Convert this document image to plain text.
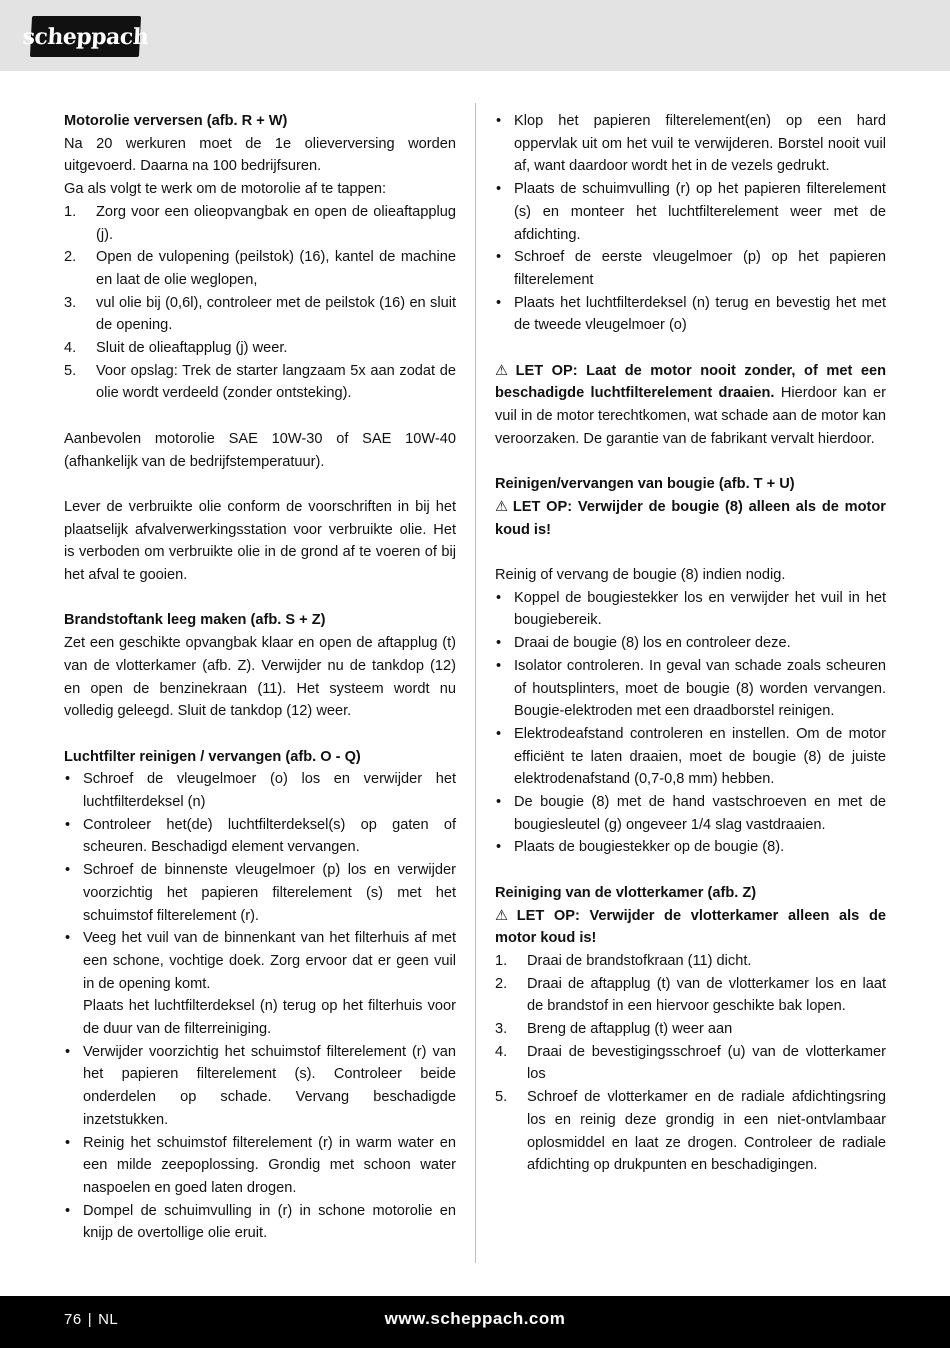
scheppach

Motorolie verversen (afb. R + W)

Na 20 werkuren moet de 1e olieverversing worden uitgevoerd. Daarna na 100 bedrijfsuren.

Ga als volgt te werk om de motorolie af te tappen:

1. Zorg voor een olieopvangbak en open de olieaftapplug (j).
2. Open de vulopening (peilstok) (16), kantel de machine en laat de olie weglopen,
3. vul olie bij (0,6l), controleer met de peilstok (16) en sluit de opening.
4. Sluit de olieaftapplug (j) weer.
5. Voor opslag: Trek de starter langzaam 5x aan zodat de olie wordt verdeeld (zonder ontsteking).

Aanbevolen motorolie SAE 10W-30 of SAE 10W-40 (afhankelijk van de bedrijfstemperatuur).

Lever de verbruikte olie conform de voorschriften in bij het plaatselijk afvalverwerkingsstation voor verbruikte olie. Het is verboden om verbruikte olie in de grond af te voeren of bij het afval te gooien.

Brandstoftank leeg maken (afb. S + Z)

Zet een geschikte opvangbak klaar en open de aftapplug (t) van de vlotterkamer (afb. Z). Verwijder nu de tankdop (12) en open de benzinekraan (11). Het systeem wordt nu volledig geleegd. Sluit de tankdop (12) weer.

Luchtfilter reinigen / vervangen (afb. O - Q)

• Schroef de vleugelmoer (o) los en verwijder het luchtfilterdeksel (n)
• Controleer het(de) luchtfilterdeksel(s) op gaten of scheuren. Beschadigd element vervangen.
• Schroef de binnenste vleugelmoer (p) los en verwijder voorzichtig het papieren filterelement (s) met het schuimstof filterelement (r).
• Veeg het vuil van de binnenkant van het filterhuis af met een schone, vochtige doek. Zorg ervoor dat er geen vuil in de opening komt.
Plaats het luchtfilterdeksel (n) terug op het filterhuis voor de duur van de filterreiniging.
• Verwijder voorzichtig het schuimstof filterelement (r) van het papieren filterelement (s). Controleer beide onderdelen op schade. Vervang beschadigde inzetstukken.
• Reinig het schuimstof filterelement (r) in warm water en een milde zeepoplossing. Grondig met schoon water naspoelen en goed laten drogen.
• Dompel de schuimvulling in (r) in schone motorolie en knijp de overtollige olie eruit.
• Klop het papieren filterelement(en) op een hard oppervlak uit om het vuil te verwijderen. Borstel nooit vuil af, want daardoor wordt het in de vezels gedrukt.
• Plaats de schuimvulling (r) op het papieren filterelement (s) en monteer het luchtfilterelement weer met de afdichting.
• Schroef de eerste vleugelmoer (p) op het papieren filterelement
• Plaats het luchtfilterdeksel (n) terug en bevestig het met de tweede vleugelmoer (o)

⚠ LET OP: Laat de motor nooit zonder, of met een beschadigde luchtfilterelement draaien. Hierdoor kan er vuil in de motor terechtkomen, wat schade aan de motor kan veroorzaken. De garantie van de fabrikant vervalt hierdoor.

Reinigen/vervangen van bougie (afb. T + U)

⚠ LET OP: Verwijder de bougie (8) alleen als de motor koud is!

Reinig of vervang de bougie (8) indien nodig.

• Koppel de bougiestekker los en verwijder het vuil in het bougiebereik.
• Draai de bougie (8) los en controleer deze.
• Isolator controleren. In geval van schade zoals scheuren of houtsplinters, moet de bougie (8) worden vervangen. Bougie-elektroden met een draadborstel reinigen.
• Elektrodeafstand controleren en instellen. Om de motor efficiënt te laten draaien, moet de bougie (8) de juiste elektrodenafstand (0,7-0,8 mm) hebben.
• De bougie (8) met de hand vastschroeven en met de bougiesleutel (g) ongeveer 1/4 slag vastdraaien.
• Plaats de bougiestekker op de bougie (8).

Reiniging van de vlotterkamer (afb. Z)

⚠ LET OP: Verwijder de vlotterkamer alleen als de motor koud is!

1. Draai de brandstofkraan (11) dicht.
2. Draai de aftapplug (t) van de vlotterkamer los en laat de brandstof in een hiervoor geschikte bak lopen.
3. Breng de aftapplug (t) weer aan
4. Draai de bevestigingsschroef (u) van de vlotterkamer los
5. Schroef de vlotterkamer en de radiale afdichtingsring los en reinig deze grondig in een niet-ontvlambaar oplosmiddel en laat ze drogen. Controleer de radiale afdichting op drukpunten en beschadigingen.
76 | NL	www.scheppach.com
